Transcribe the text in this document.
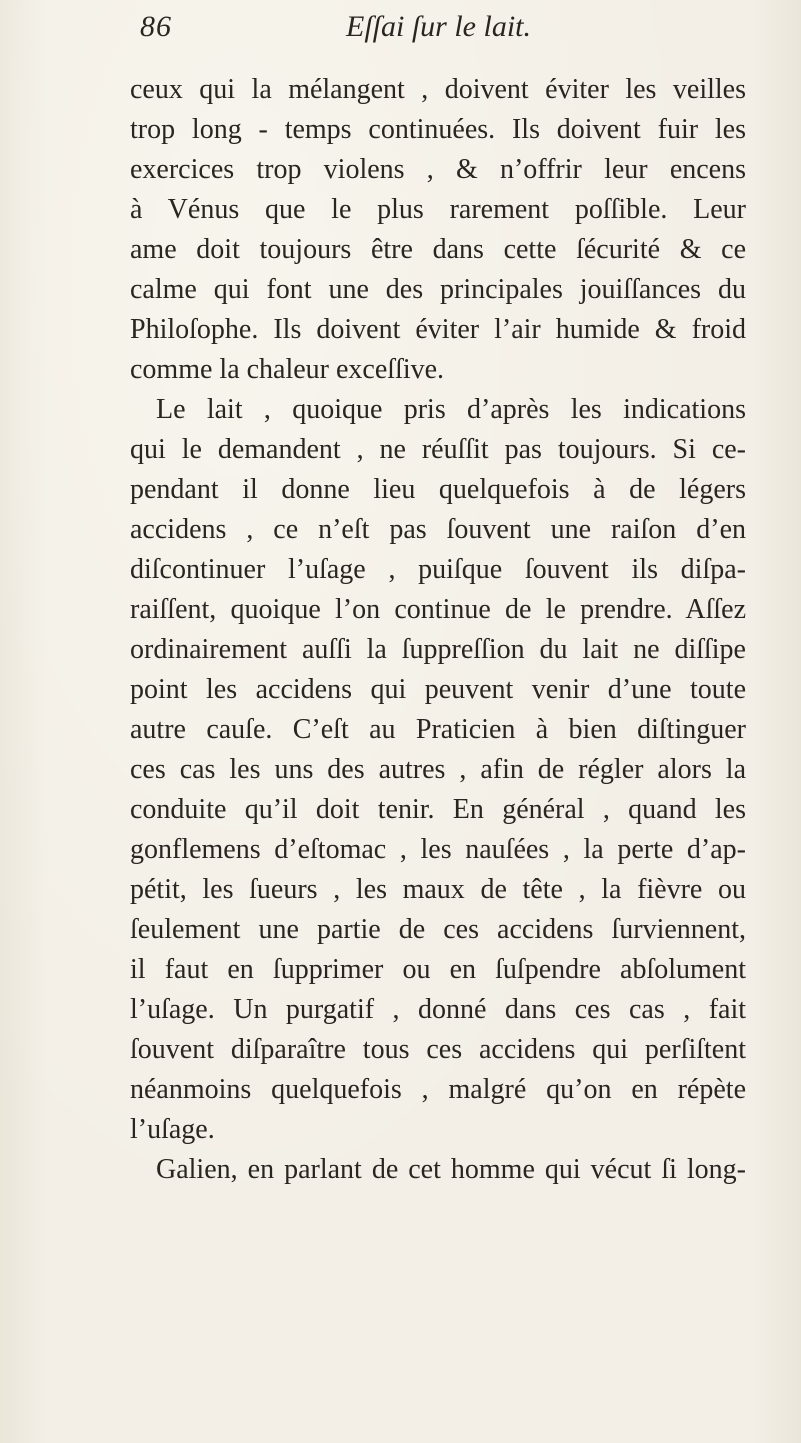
86	Eſſai ſur le lait.
ceux qui la mélangent , doivent éviter les veilles
trop long - temps continuées. Ils doivent fuir les
exercices trop violens , & n’offrir leur encens
à Vénus que le plus rarement poſſible. Leur
ame doit toujours être dans cette ſécurité & ce
calme qui font une des principales jouiſſances du
Philoſophe. Ils doivent éviter l’air humide & froid
comme la chaleur exceſſive.
Le lait , quoique pris d’après les indications
qui le demandent , ne réuſſit pas toujours. Si ce-
pendant il donne lieu quelquefois à de légers
accidens , ce n’eſt pas ſouvent une raiſon d’en
diſcontinuer l’uſage , puiſque ſouvent ils diſpa-
raiſſent, quoique l’on continue de le prendre. Aſſez
ordinairement auſſi la ſuppreſſion du lait ne diſſipe
point les accidens qui peuvent venir d’une toute
autre cauſe. C’eſt au Praticien à bien diſtinguer
ces cas les uns des autres , afin de régler alors la
conduite qu’il doit tenir. En général , quand les
gonflemens d’eſtomac , les nauſées , la perte d’ap-
pétit, les ſueurs , les maux de tête , la fièvre ou
ſeulement une partie de ces accidens ſurviennent,
il faut en ſupprimer ou en ſuſpendre abſolument
l’uſage. Un purgatif , donné dans ces cas , fait
ſouvent diſparaître tous ces accidens qui perſiſtent
néanmoins quelquefois , malgré qu’on en répète
l’uſage.
Galien, en parlant de cet homme qui vécut ſi long-
